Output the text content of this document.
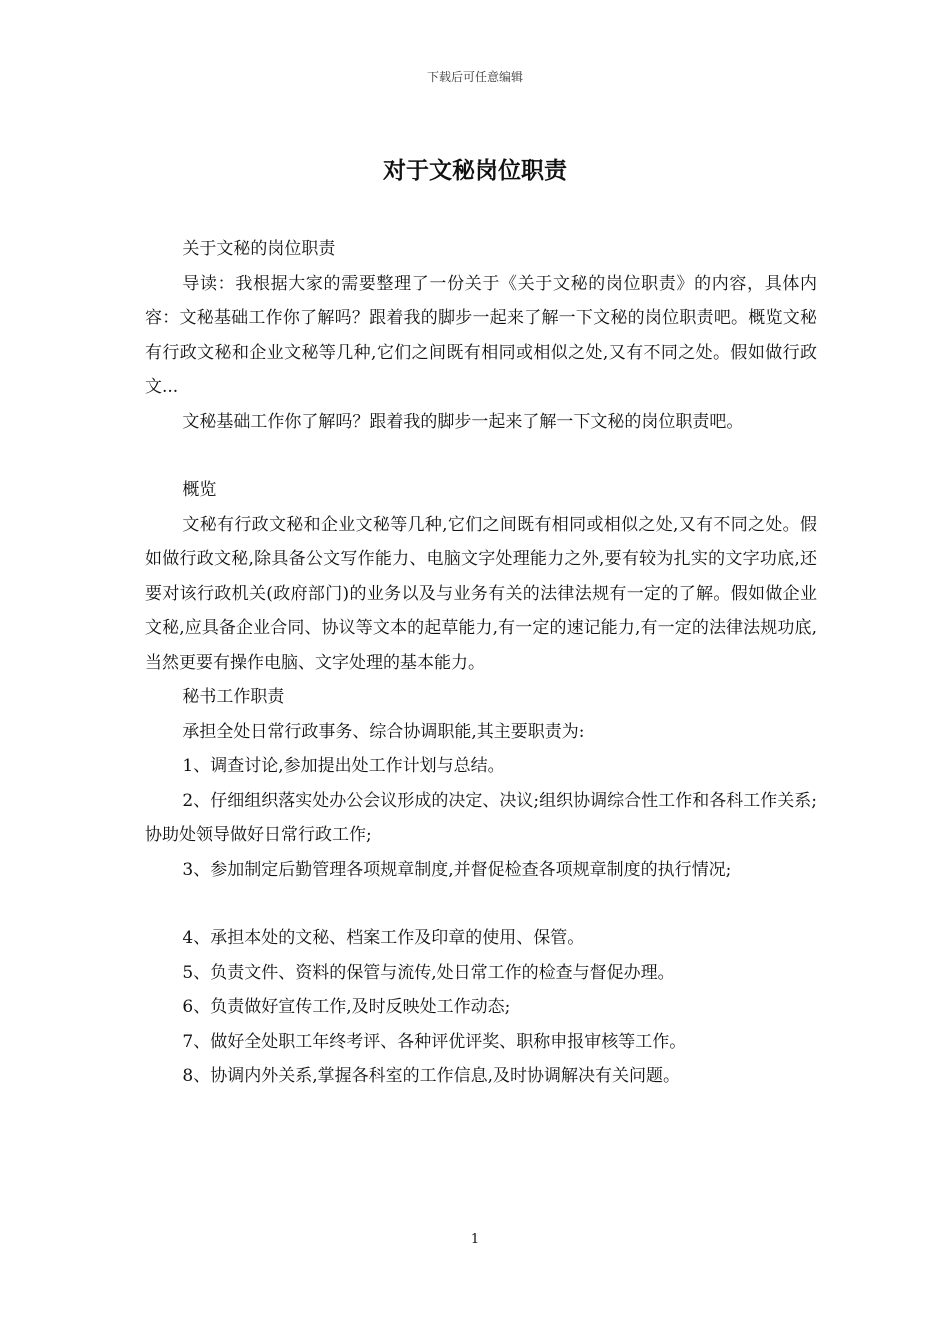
下载后可任意编辑
对于文秘岗位职责

关于文秘的岗位职责

导读：我根据大家的需要整理了一份关于《关于文秘的岗位职责》的内容，具体内容：文秘基础工作你了解吗？跟着我的脚步一起来了解一下文秘的岗位职责吧。概览文秘有行政文秘和企业文秘等几种,它们之间既有相同或相似之处,又有不同之处。假如做行政文...

文秘基础工作你了解吗？跟着我的脚步一起来了解一下文秘的岗位职责吧。

概览

文秘有行政文秘和企业文秘等几种,它们之间既有相同或相似之处,又有不同之处。假如做行政文秘,除具备公文写作能力、电脑文字处理能力之外,要有较为扎实的文字功底,还要对该行政机关(政府部门)的业务以及与业务有关的法律法规有一定的了解。假如做企业文秘,应具备企业合同、协议等文本的起草能力,有一定的速记能力,有一定的法律法规功底,当然更要有操作电脑、文字处理的基本能力。

秘书工作职责

承担全处日常行政事务、综合协调职能,其主要职责为:

1、调查讨论,参加提出处工作计划与总结。

2、仔细组织落实处办公会议形成的决定、决议;组织协调综合性工作和各科工作关系;协助处领导做好日常行政工作;

3、参加制定后勤管理各项规章制度,并督促检查各项规章制度的执行情况;

4、承担本处的文秘、档案工作及印章的使用、保管。

5、负责文件、资料的保管与流传,处日常工作的检查与督促办理。

6、负责做好宣传工作,及时反映处工作动态;

7、做好全处职工年终考评、各种评优评奖、职称申报审核等工作。

8、协调内外关系,掌握各科室的工作信息,及时协调解决有关问题。

1
